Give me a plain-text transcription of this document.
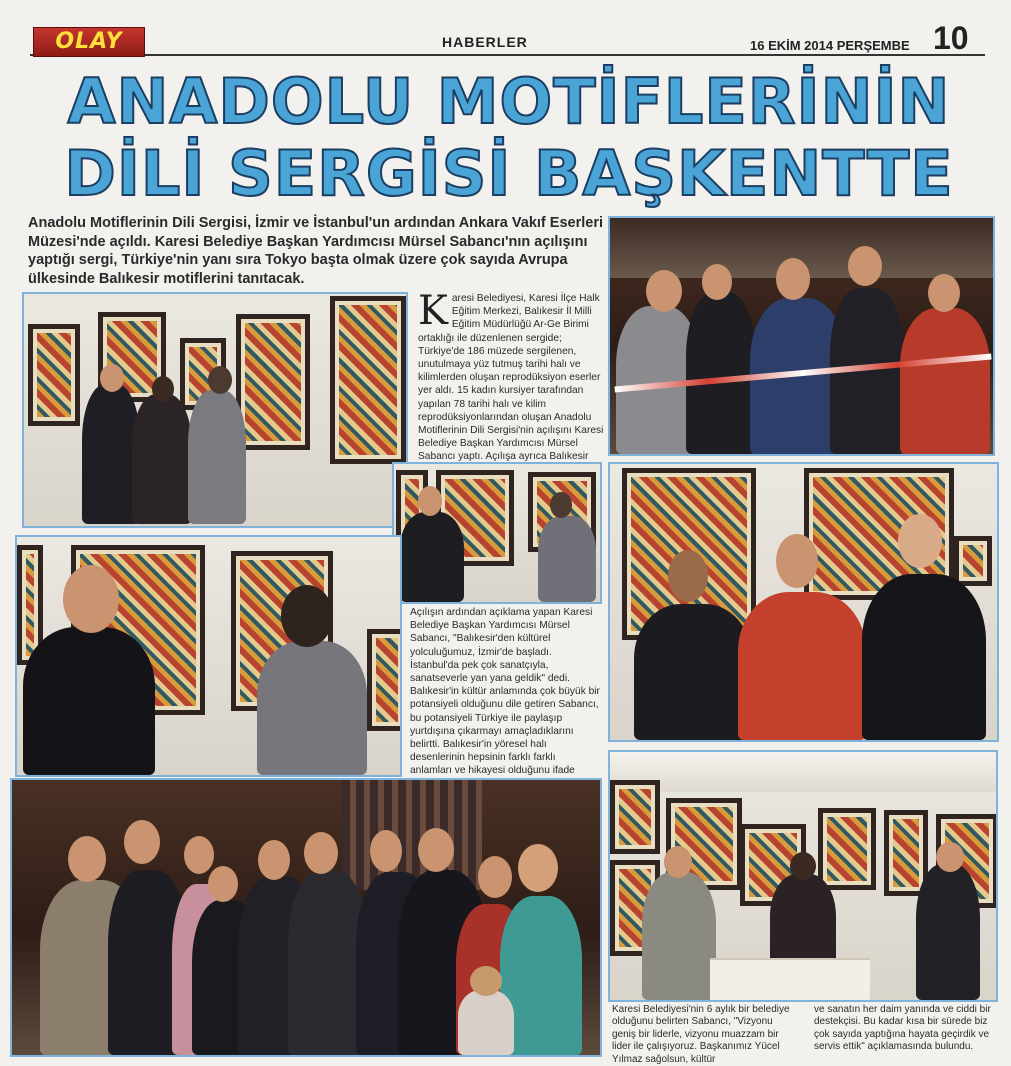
OLAY	HABERLER	16 EKİM 2014 PERŞEMBE 10
ANADOLU MOTİFLERİNİN
DİLİ SERGİSİ BAŞKENTTE
Anadolu Motiflerinin Dili Sergisi, İzmir ve İstanbul'un ardından Ankara Vakıf Eserleri Müzesi'nde açıldı. Karesi Belediye Başkan Yardımcısı Mürsel Sabancı'nın açılışını yaptığı sergi, Türkiye'nin yanı sıra Tokyo başta olmak üzere çok sayıda Avrupa ülkesinde Balıkesir motiflerini tanıtacak.
Karesi Belediyesi, Karesi İlçe Halk Eğitim Merkezi, Balıkesir İl Milli Eğitim Müdürlüğü Ar-Ge Birimi ortaklığı ile düzenlenen sergide; Türkiye'de 186 müzede sergilenen, unutulmaya yüz tutmuş tarihi halı ve kilimlerden oluşan reprodüksiyon eserler yer aldı. 15 kadın kursiyer tarafından yapılan 78 tarihi halı ve kilim reprodüksiyonlarından oluşan Anadolu Motiflerinin Dili Sergisi'nin açılışını Karesi Belediye Başkan Yardımcısı Mürsel Sabancı yaptı. Açılışa ayrıca Balıkesir
Açılışın ardından açıklama yapan Karesi Belediye Başkan Yardımcısı Mürsel Sabancı, "Balıkesir'den kültürel yolculuğumuz, İzmir'de başladı. İstanbul'da pek çok sanatçıyla, sanatseverle yan yana geldik" dedi. Balıkesir'in kültür anlamında çok büyük bir potansiyeli olduğunu dile getiren Sabancı, bu potansiyeli Türkiye ile paylaşıp yurtdışına çıkarmayı amaçladıklarını belirtti. Balıkesir'in yöresel halı desenlerinin hepsinin farklı farklı anlamları ve hikayesi olduğunu ifade
Karesi Belediyesi'nin 6 aylık bir belediye olduğunu belirten Sabancı, "Vizyonu geniş bir liderle, vizyonu muazzam bir lider ile çalışıyoruz. Başkanımız Yücel Yılmaz sağolsun, kültür
ve sanatın her daim yanında ve ciddi bir destekçisi. Bu kadar kısa bir sürede biz çok sayıda yaptığına hayata geçirdik ve servis ettik" açıklamasında bulundu.
